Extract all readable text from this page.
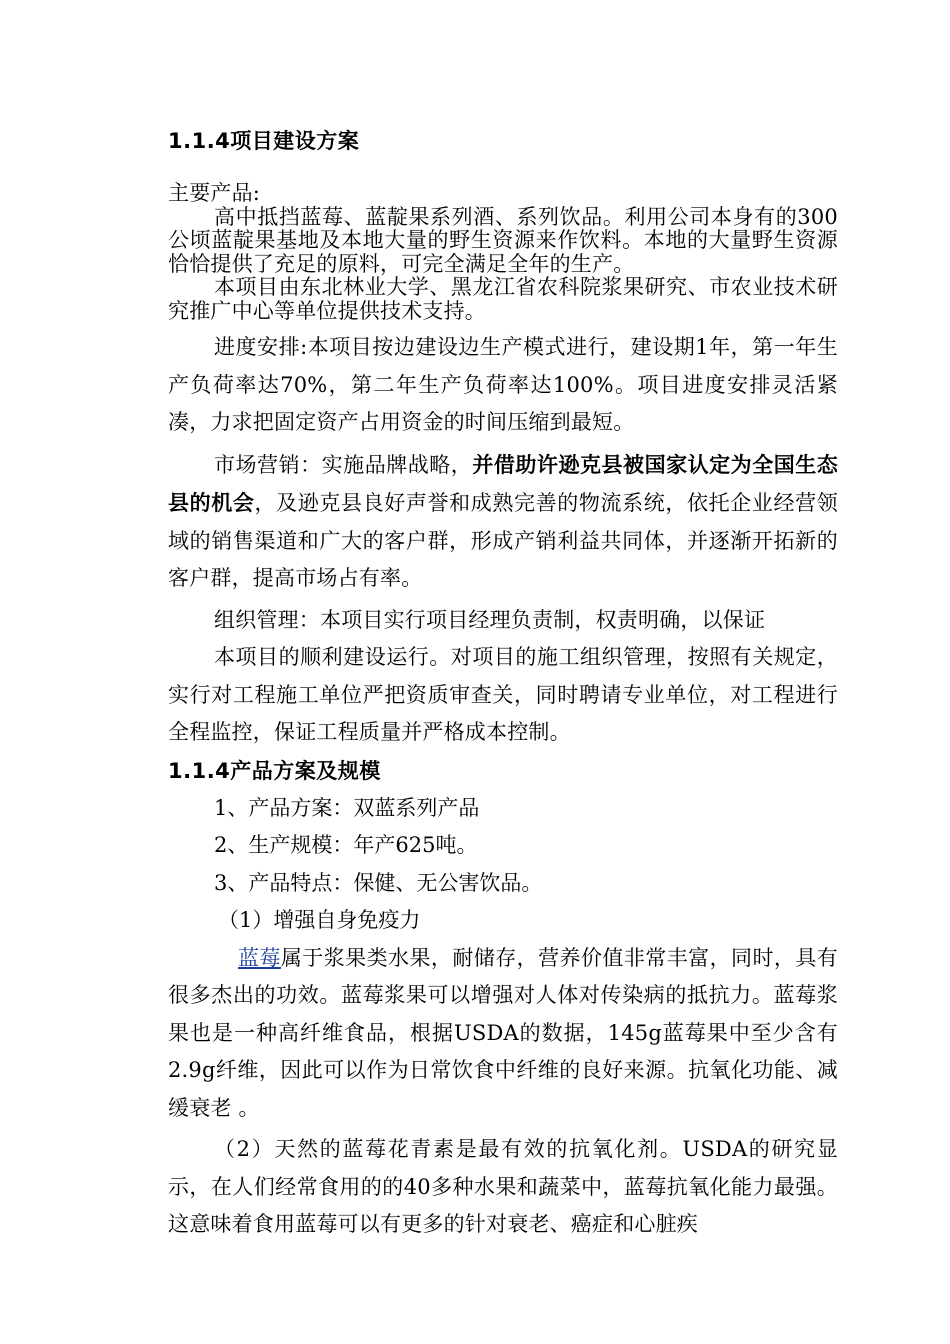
1.1.4项目建设方案
主要产品:
高中抵挡蓝莓、蓝靛果系列酒、系列饮品。利用公司本身有的300公顷蓝靛果基地及本地大量的野生资源来作饮料。本地的大量野生资源恰恰提供了充足的原料，可完全满足全年的生产。
本项目由东北林业大学、黑龙江省农科院浆果研究、市农业技术研究推广中心等单位提供技术支持。
进度安排:本项目按边建设边生产模式进行，建设期1年，第一年生产负荷率达70%，第二年生产负荷率达100%。项目进度安排灵活紧凑，力求把固定资产占用资金的时间压缩到最短。
市场营销：实施品牌战略，并借助许逊克县被国家认定为全国生态县的机会，及逊克县良好声誉和成熟完善的物流系统，依托企业经营领域的销售渠道和广大的客户群，形成产销利益共同体，并逐渐开拓新的客户群，提高市场占有率。
组织管理：本项目实行项目经理负责制，权责明确，以保证
本项目的顺利建设运行。对项目的施工组织管理，按照有关规定，实行对工程施工单位严把资质审查关，同时聘请专业单位，对工程进行全程监控，保证工程质量并严格成本控制。
1.1.4产品方案及规模
1、产品方案：双蓝系列产品
2、生产规模：年产625吨。
3、产品特点：保健、无公害饮品。
（1）增强自身免疫力
蓝莓属于浆果类水果，耐储存，营养价值非常丰富，同时，具有很多杰出的功效。蓝莓浆果可以增强对人体对传染病的抵抗力。蓝莓浆果也是一种高纤维食品，根据USDA的数据，145g蓝莓果中至少含有2.9g纤维，因此可以作为日常饮食中纤维的良好来源。抗氧化功能、减缓衰老 。
（2）天然的蓝莓花青素是最有效的抗氧化剂。USDA的研究显示，在人们经常食用的的40多种水果和蔬菜中，蓝莓抗氧化能力最强。这意味着食用蓝莓可以有更多的针对衰老、癌症和心脏疾
